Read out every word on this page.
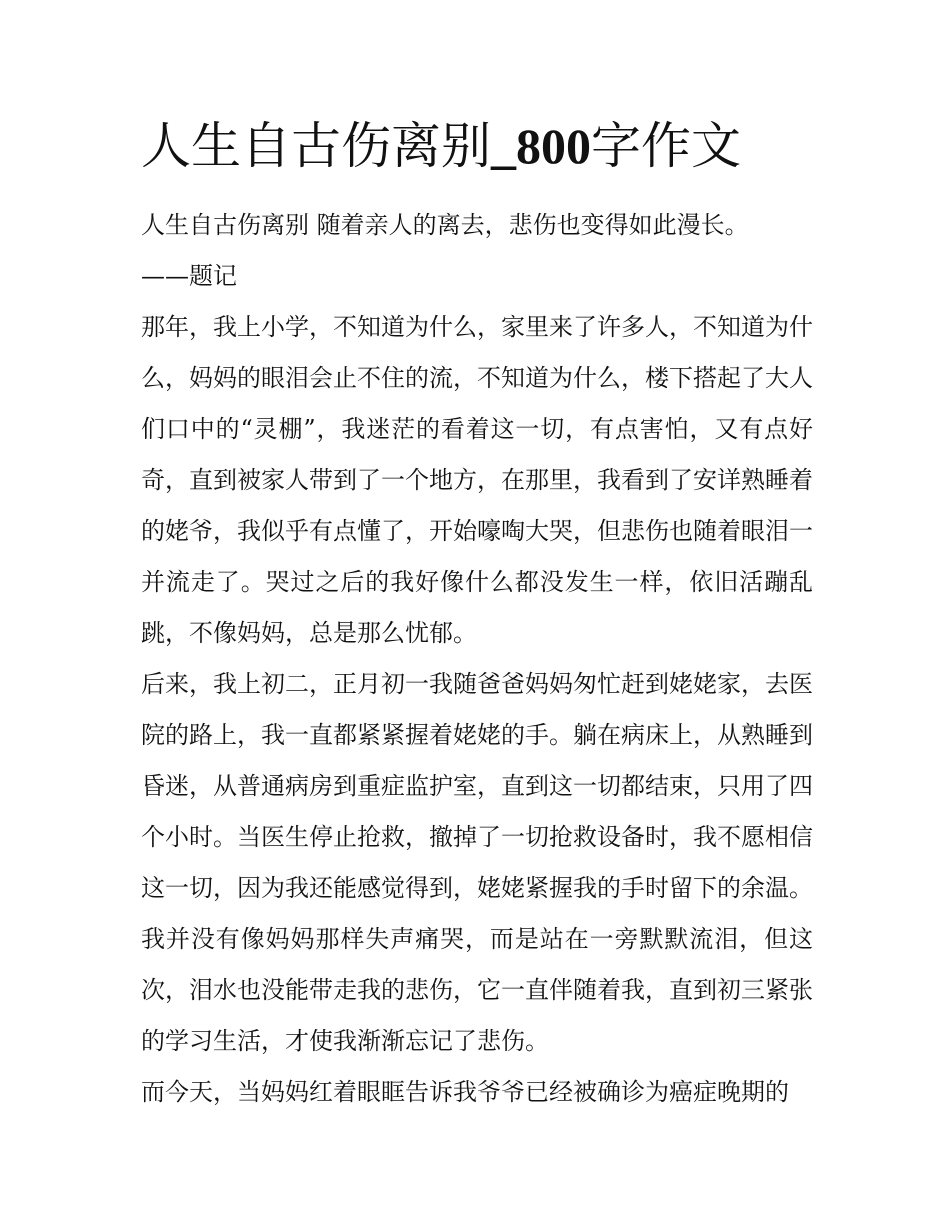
人生自古伤离别_800字作文

人生自古伤离别 随着亲人的离去，悲伤也变得如此漫长。

——题记

那年，我上小学，不知道为什么，家里来了许多人，不知道为什么，妈妈的眼泪会止不住的流，不知道为什么，楼下搭起了大人们口中的“灵棚”，我迷茫的看着这一切，有点害怕，又有点好奇，直到被家人带到了一个地方，在那里，我看到了安详熟睡着的姥爷，我似乎有点懂了，开始嚎啕大哭，但悲伤也随着眼泪一并流走了。哭过之后的我好像什么都没发生一样，依旧活蹦乱跳，不像妈妈，总是那么忧郁。

后来，我上初二，正月初一我随爸爸妈妈匆忙赶到姥姥家，去医院的路上，我一直都紧紧握着姥姥的手。躺在病床上，从熟睡到昏迷，从普通病房到重症监护室，直到这一切都结束，只用了四个小时。当医生停止抢救，撤掉了一切抢救设备时，我不愿相信这一切，因为我还能感觉得到，姥姥紧握我的手时留下的余温。我并没有像妈妈那样失声痛哭，而是站在一旁默默流泪，但这次，泪水也没能带走我的悲伤，它一直伴随着我，直到初三紧张的学习生活，才使我渐渐忘记了悲伤。

而今天，当妈妈红着眼眶告诉我爷爷已经被确诊为癌症晚期的
